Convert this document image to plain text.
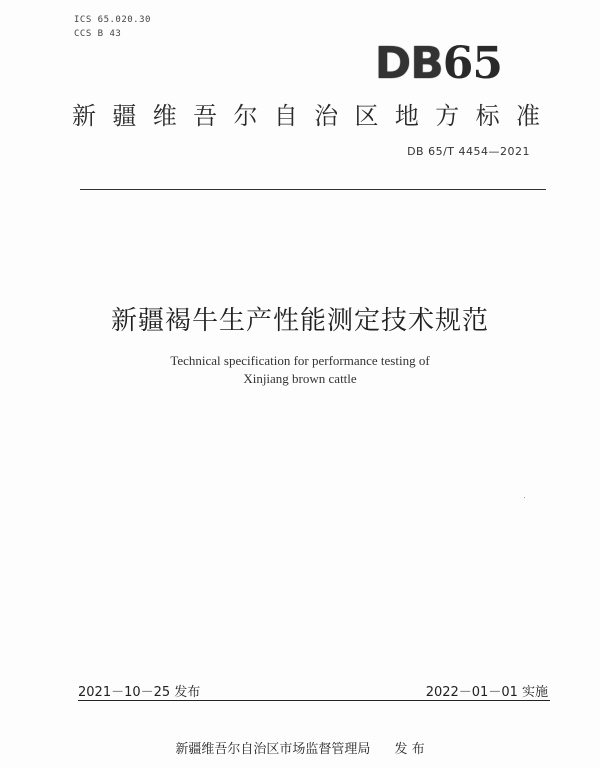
ICS 65.020.30
CCS B 43
DB65
新 疆 维 吾 尔 自 治 区 地 方 标 准
DB 65/T 4454—2021
新疆褐牛生产性能测定技术规范
Technical specification for performance testing of
Xinjiang brown cattle
2021－10－25 发布	2022－01－01 实施
新疆维吾尔自治区市场监督管理局 发 布
